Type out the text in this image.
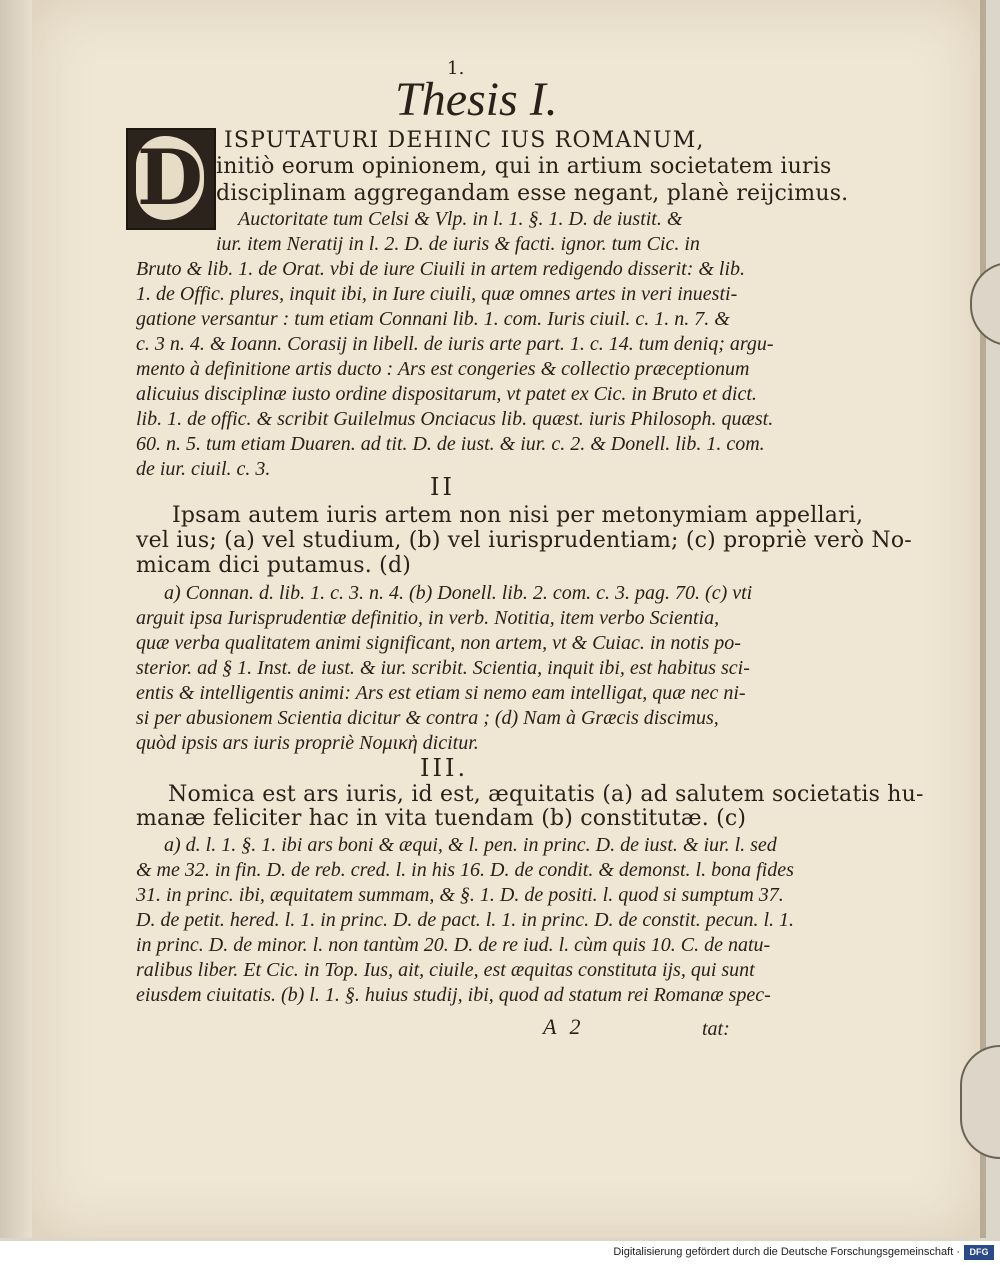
1.
Thesis I.
D ISPUTATURI DEHINC IUS ROMANUM,
initiò eorum opinionem, qui in artium societatem iuris
disciplinam aggregandam esse negant, planè reijcimus.
Auctoritate tum Celsi & Vlp. in l. 1. §. 1. D. de iustit. &
iur. item Neratij in l. 2. D. de iuris & facti. ignor. tum Cic. in
Bruto & lib. 1. de Orat. vbi de iure Ciuili in artem redigendo disserit: & lib.
1. de Offic. plures, inquit ibi, in Iure ciuili, quæ omnes artes in veri inuesti-
gatione versantur : tum etiam Connani lib. 1. com. Iuris ciuil. c. 1. n. 7. &
c. 3 n. 4. & Ioann. Corasij in libell. de iuris arte part. 1. c. 14. tum deniq; argu-
mento à definitione artis ducto : Ars est congeries & collectio præceptionum
alicuius disciplinæ iusto ordine dispositarum, vt patet ex Cic. in Bruto et dict.
lib. 1. de offic. & scribit Guilelmus Onciacus lib. quæst. iuris Philosoph. quæst.
60. n. 5. tum etiam Duaren. ad tit. D. de iust. & iur. c. 2. & Donell. lib. 1. com.
de iur. ciuil. c. 3.
II
Ipsam autem iuris artem non nisi per metonymiam appellari,
vel ius; (a) vel studium, (b) vel iurisprudentiam; (c) propriè verò No-
micam dici putamus. (d)
a) Connan. d. lib. 1. c. 3. n. 4. (b) Donell. lib. 2. com. c. 3. pag. 70. (c) vti
arguit ipsa Iurisprudentiæ definitio, in verb. Notitia, item verbo Scientia,
quæ verba qualitatem animi significant, non artem, vt & Cuiac. in notis po-
sterior. ad § 1. Inst. de iust. & iur. scribit. Scientia, inquit ibi, est habitus sci-
entis & intelligentis animi: Ars est etiam si nemo eam intelligat, quæ nec ni-
si per abusionem Scientia dicitur & contra ; (d) Nam à Græcis discimus,
quòd ipsis ars iuris propriè Νομικὴ dicitur.
III.
Nomica est ars iuris, id est, æquitatis (a) ad salutem societatis hu-
manæ feliciter hac in vita tuendam (b) constitutæ. (c)
a) d. l. 1. §. 1. ibi ars boni & æqui, & l. pen. in princ. D. de iust. & iur. l. sed
& me 32. in fin. D. de reb. cred. l. in his 16. D. de condit. & demonst. l. bona fides
31. in princ. ibi, æquitatem summam, & §. 1. D. de positi. l. quod si sumptum 37.
D. de petit. hered. l. 1. in princ. D. de pact. l. 1. in princ. D. de constit. pecun. l. 1.
in princ. D. de minor. l. non tantùm 20. D. de re iud. l. cùm quis 10. C. de natu-
ralibus liber. Et Cic. in Top. Ius, ait, ciuile, est æquitas constituta ijs, qui sunt
eiusdem ciuitatis. (b) l. 1. §. huius studij, ibi, quod ad statum rei Romanæ spec-
A 2	tat:
Digitalisierung gefördert durch die Deutsche Forschungsgemeinschaft ·	DFG
